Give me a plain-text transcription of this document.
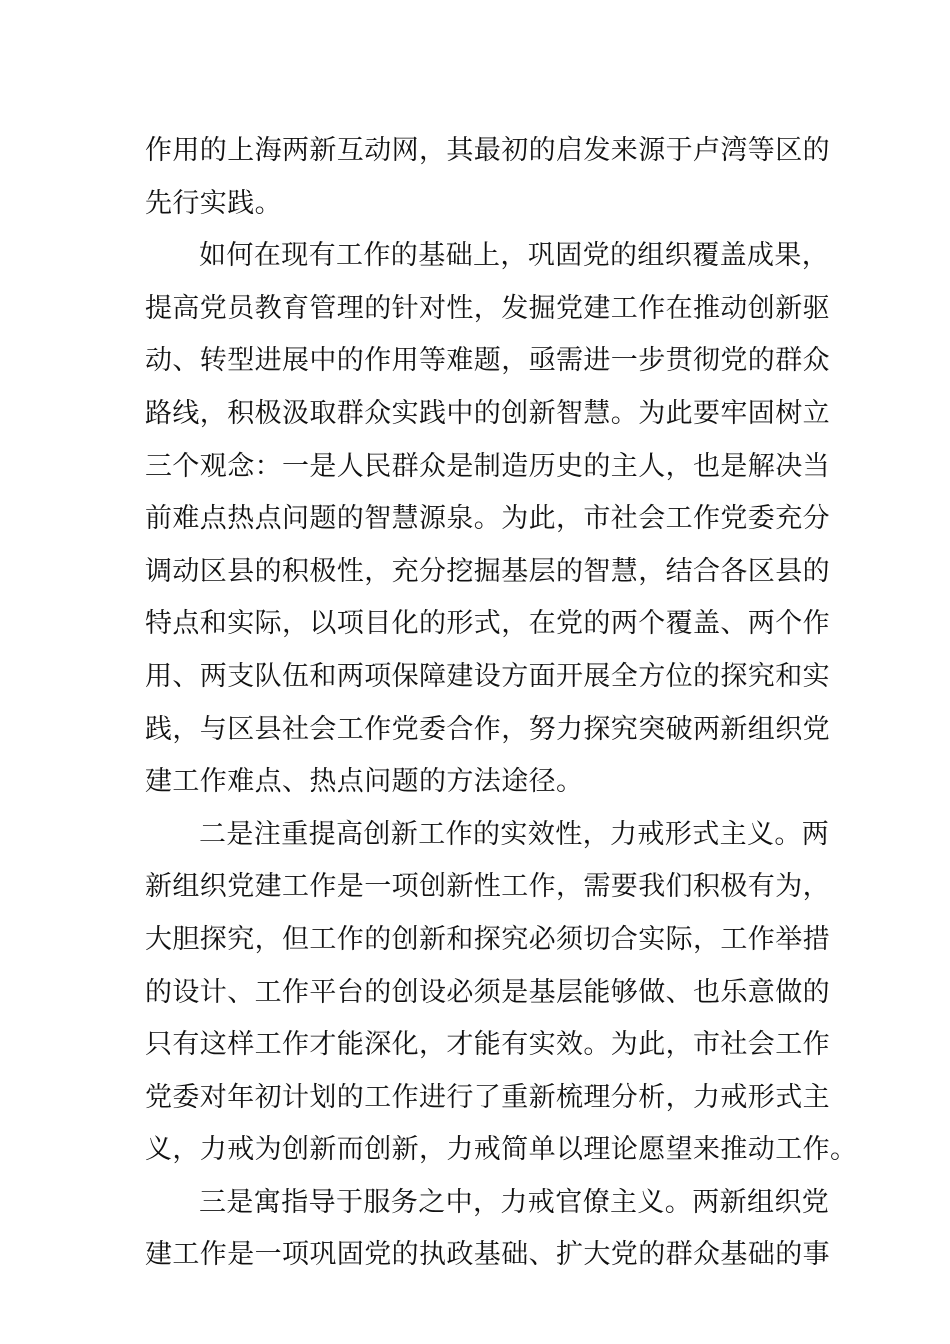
作用的上海两新互动网，其最初的启发来源于卢湾等区的
先行实践。
如何在现有工作的基础上，巩固党的组织覆盖成果，
提高党员教育管理的针对性，发掘党建工作在推动创新驱
动、转型进展中的作用等难题，亟需进一步贯彻党的群众
路线，积极汲取群众实践中的创新智慧。为此要牢固树立
三个观念：一是人民群众是制造历史的主人，也是解决当
前难点热点问题的智慧源泉。为此，市社会工作党委充分
调动区县的积极性，充分挖掘基层的智慧，结合各区县的
特点和实际，以项目化的形式，在党的两个覆盖、两个作
用、两支队伍和两项保障建设方面开展全方位的探究和实
践，与区县社会工作党委合作，努力探究突破两新组织党
建工作难点、热点问题的方法途径。
二是注重提高创新工作的实效性，力戒形式主义。两
新组织党建工作是一项创新性工作，需要我们积极有为，
大胆探究，但工作的创新和探究必须切合实际，工作举措
的设计、工作平台的创设必须是基层能够做、也乐意做的
只有这样工作才能深化，才能有实效。为此，市社会工作
党委对年初计划的工作进行了重新梳理分析，力戒形式主
义，力戒为创新而创新，力戒简单以理论愿望来推动工作。
三是寓指导于服务之中，力戒官僚主义。两新组织党
建工作是一项巩固党的执政基础、扩大党的群众基础的事
